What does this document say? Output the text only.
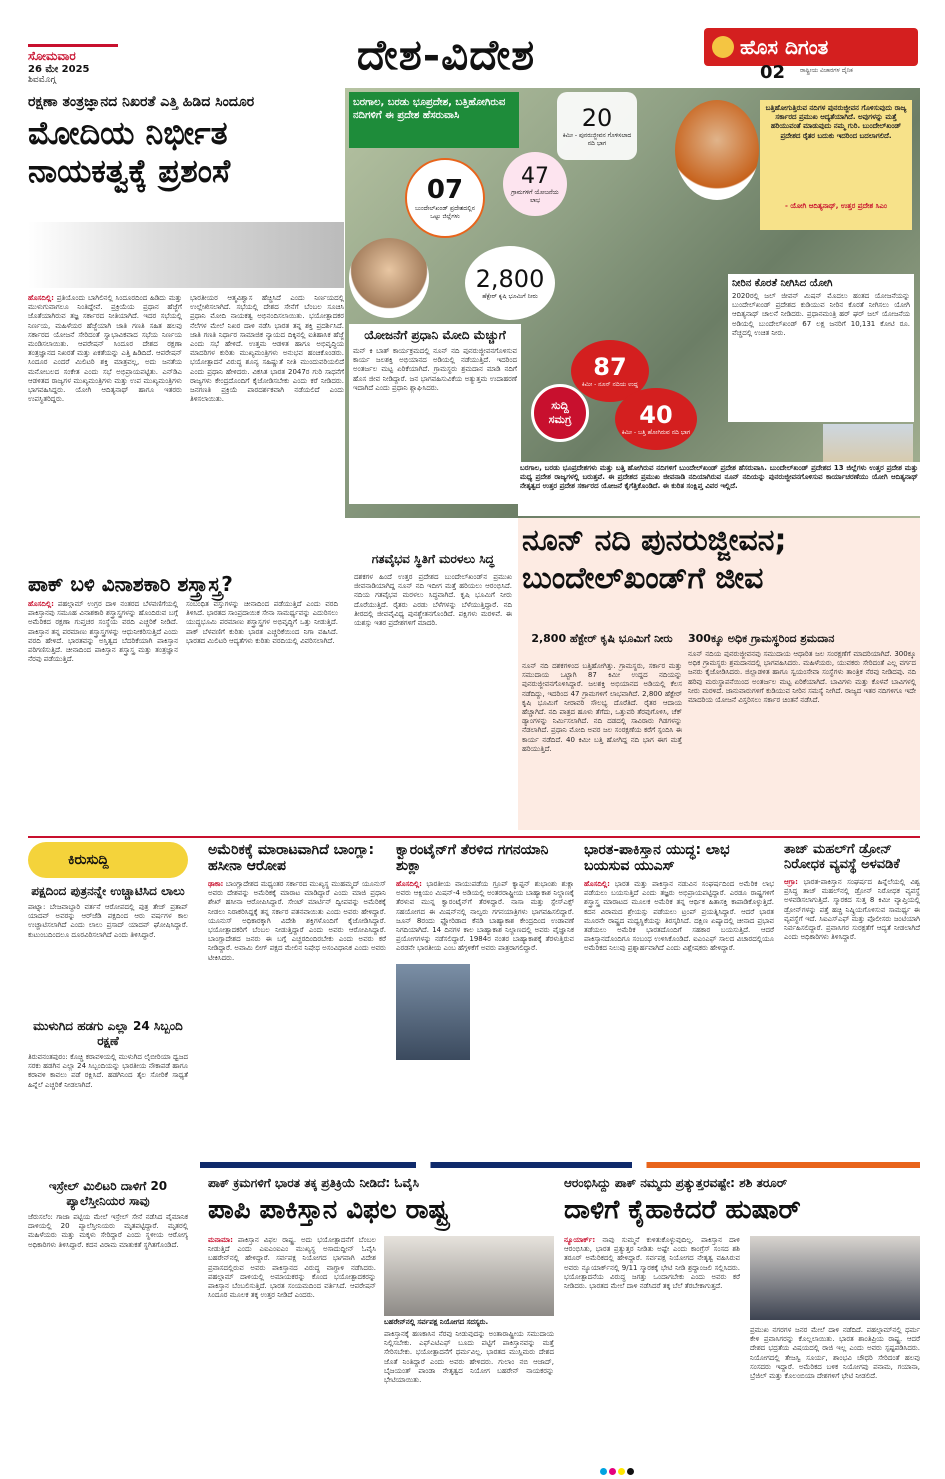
ಸೋಮವಾರ
26 ಮೇ 2025
ಶಿವಮೊಗ್ಗ
ದೇಶ-ವಿದೇಶ	ಹೊಸ ದಿಗಂತ
ರಾಷ್ಟ್ರೀಯ ವಿಚಾರಗಳ ದೈನಿಕ
02
ರಕ್ಷಣಾ ತಂತ್ರಜ್ಞಾನದ ನಿಖರತೆ ಎತ್ತಿ ಹಿಡಿದ ಸಿಂದೂರ
ಮೋದಿಯ ನಿರ್ಭೀತ
ನಾಯಕತ್ವಕ್ಕೆ ಪ್ರಶಂಸೆ
ಹೊಸದಿಲ್ಲಿ: ಪ್ರತಿಯೊಂದು ಬಾಗಿಲಿನಲ್ಲಿ ಸಿಂದೂರದಿಂದ ಹಿಡಿದು ಮತ್ತು ಮುಳುಗುವಾಗಲೂ ನಿಂತಿದ್ದೇವೆ. ಪ್ರಕ್ರಿಯೆಯ ಪ್ರಧಾನ ಹೆಜ್ಜೆಗೆ ಜೊತೆಯಾಗಿರುವ ತಜ್ಞ ಸರ್ಕಾರದ ನೀತಿಯಾಗಿದೆ. ಇದರ ಸಭೆಯಲ್ಲಿ ನಿರ್ಣಯ, ಮಹಿಳೆಯರ ಹೆಜ್ಜೆಯಾಗಿ ಜಾತಿ ಗಣತಿ ಸಹಿತ ಹಲವು ಸರ್ಕಾರದ ಯೋಜನೆ ಸೇರಿದಂತೆ ಸ್ವಾಭಾವಿಕವಾದ ಸಭೆಯ ನಿರ್ಣಯ ಮಂಡಿಸಲಾಯಿತು. ಆಪರೇಷನ್ ಸಿಂದೂರ ದೇಶದ ರಕ್ಷಣಾ ತಂತ್ರಜ್ಞಾನದ ನಿಖರತೆ ಮತ್ತು ಏಕತೆಯನ್ನು ಎತ್ತಿ ಹಿಡಿದಿದೆ. ಆಪರೇಷನ್ ಸಿಂದೂರ ಎಂದರೆ ಮಿಲಿಟರಿ ಶಕ್ತಿ ಮಾತ್ರವಲ್ಲ, ಅದು ಜನತೆಯ ಮನೋಬಲದ ಸಂಕೇತ ಎಂದು ಸಭೆ ಅಭಿಪ್ರಾಯಪಟ್ಟಿತು. ಎನ್‌ಡಿಎ ಆಡಳಿತದ ರಾಜ್ಯಗಳ ಮುಖ್ಯಮಂತ್ರಿಗಳು ಮತ್ತು ಉಪ ಮುಖ್ಯಮಂತ್ರಿಗಳು ಭಾಗವಹಿಸಿದ್ದರು. ಯೋಗಿ ಆದಿತ್ಯನಾಥ್ ಹಾಗೂ ಇತರರು ಉಪಸ್ಥಿತರಿದ್ದರು.
ಭಾರತೀಯರ ಆತ್ಮವಿಶ್ವಾಸ ಹೆಚ್ಚಿಸಿದೆ ಎಂದು ನಿರ್ಣಯದಲ್ಲಿ ಉಲ್ಲೇಖಿಸಲಾಗಿದೆ. ಸಭೆಯಲ್ಲಿ ದೇಶದ ಸೇನೆಗೆ ಬೆಂಬಲ ಸೂಚಿಸಿ ಪ್ರಧಾನಿ ಮೋದಿ ನಾಯಕತ್ವ ಅಭಿನಂದಿಸಲಾಯಿತು. ಭಯೋತ್ಪಾದಕರ ನೆಲೆಗಳ ಮೇಲೆ ನಿಖರ ದಾಳಿ ನಡೆಸಿ ಭಾರತ ತನ್ನ ಶಕ್ತಿ ಪ್ರದರ್ಶಿಸಿದೆ. ಜಾತಿ ಗಣತಿ ನಿರ್ಧಾರ ಸಾಮಾಜಿಕ ನ್ಯಾಯದ ದಿಕ್ಕಿನಲ್ಲಿ ಐತಿಹಾಸಿಕ ಹೆಜ್ಜೆ ಎಂದು ಸಭೆ ಹೇಳಿದೆ. ಉತ್ತಮ ಆಡಳಿತ ಹಾಗೂ ಅಭಿವೃದ್ಧಿಯ ಮಾದರಿಗಳ ಕುರಿತು ಮುಖ್ಯಮಂತ್ರಿಗಳು ಅನುಭವ ಹಂಚಿಕೊಂಡರು. ಭಯೋತ್ಪಾದನೆ ವಿರುದ್ಧ ಶೂನ್ಯ ಸಹಿಷ್ಣುತೆ ನೀತಿ ಮುಂದುವರಿಯಲಿದೆ ಎಂದು ಪ್ರಧಾನಿ ಹೇಳಿದರು. ವಿಕಸಿತ ಭಾರತ 2047ರ ಗುರಿ ಸಾಧನೆಗೆ ರಾಜ್ಯಗಳು ಕೇಂದ್ರದೊಂದಿಗೆ ಕೈಜೋಡಿಸಬೇಕು ಎಂದು ಕರೆ ನೀಡಿದರು. ಜನಗಣತಿ ಪ್ರಕ್ರಿಯೆ ಪಾರದರ್ಶಕವಾಗಿ ನಡೆಯಲಿದೆ ಎಂದು ತಿಳಿಸಲಾಯಿತು.
ಬರಗಾಲ, ಬರಡು ಭೂಪ್ರದೇಶ, ಬತ್ತಿಹೋಗಿರುವ ನದಿಗಳಿಗೆ ಈ ಪ್ರದೇಶ ಹೆಸರುವಾಸಿ
07
ಬುಂದೇಲ್‌ಖಂಡ್ ಪ್ರದೇಶದಲ್ಲಿನ ಒಟ್ಟು ಜಿಲ್ಲೆಗಳು
20
ಕಿಮೀ - ಪುನರುಜ್ಜೀವನ ಗೊಳಿಸಲಾದ ನದಿ ಭಾಗ
47
ಗ್ರಾಮಗಳಿಗೆ ಯೋಜನೆಯ ಲಾಭ
2,800
ಹೆಕ್ಟೇರ್ ಕೃಷಿ ಭೂಮಿಗೆ ನೀರು
ಯೋಜನೆಗೆ ಪ್ರಧಾನಿ ಮೋದಿ ಮೆಚ್ಚುಗೆ
ಮನ್ ಕಿ ಬಾತ್ ಕಾರ್ಯಕ್ರಮದಲ್ಲಿ ನೂನ್ ನದಿ ಪುನರುಜ್ಜೀವನಗೊಳಿಸುವ ಕಾರ್ಯ ಜಲಶಕ್ತಿ ಅಭಿಯಾನದ ಅಡಿಯಲ್ಲಿ ನಡೆಯುತ್ತಿದೆ. ಇದರಿಂದ ಅಂತರ್ಜಲ ಮಟ್ಟ ಏರಿಕೆಯಾಗಿದೆ. ಗ್ರಾಮಸ್ಥರು ಶ್ರಮದಾನ ಮಾಡಿ ನದಿಗೆ ಹೊಸ ಜೀವ ನೀಡಿದ್ದಾರೆ. ಜನ ಭಾಗವಹಿಸುವಿಕೆಯ ಅತ್ಯುತ್ತಮ ಉದಾಹರಣೆ ಇದಾಗಿದೆ ಎಂದು ಪ್ರಧಾನಿ ಶ್ಲಾಘಿಸಿದರು.
87
ಕಿಮೀ - ನೂನ್ ನದಿಯ ಉದ್ದ
40
ಕಿಮೀ - ಬತ್ತಿ ಹೋಗಿರುವ ನದಿ ಭಾಗ
ಸುದ್ದಿ
ಸಮಗ್ರ
ಬತ್ತಿಹೋಗುತ್ತಿರುವ ನದಿಗಳ ಪುನರುಜ್ಜೀವನ ಗೊಳಿಸುವುದು ರಾಜ್ಯ ಸರ್ಕಾರದ ಪ್ರಮುಖ ಆದ್ಯತೆಯಾಗಿದೆ. ಅವುಗಳನ್ನು ಮತ್ತೆ ಹರಿಯುವಂತೆ ಮಾಡುವುದು ನಮ್ಮ ಗುರಿ. ಬುಂದೇಲ್‌ಖಂಡ್ ಪ್ರದೇಶದ ರೈತರ ಬದುಕು ಇದರಿಂದ ಬದಲಾಗಲಿದೆ.
- ಯೋಗಿ ಆದಿತ್ಯನಾಥ್, ಉತ್ತರ ಪ್ರದೇಶ ಸಿಎಂ
ನೀರಿನ ಕೊರತೆ ನೀಗಿಸಿದ ಯೋಗಿ
2020ರಲ್ಲಿ ಜಲ್ ಜೀವನ್ ಮಿಷನ್ ಮೊದಲು ಹಂತದ ಯೋಜನೆಯನ್ನು ಬುಂದೇಲ್‌ಖಂಡ್ ಪ್ರದೇಶದ ಕುಡಿಯುವ ನೀರಿನ ಕೊರತೆ ನೀಗಿಸಲು ಯೋಗಿ ಆದಿತ್ಯನಾಥ್ ಚಾಲನೆ ನೀಡಿದರು. ಪ್ರಧಾನಮಂತ್ರಿ ಹರ್ ಘರ್ ಜಲ್ ಯೋಜನೆಯ ಅಡಿಯಲ್ಲಿ ಬುಂದೇಲ್‌ಖಂಡ್ 67 ಲಕ್ಷ ಜನರಿಗೆ 10,131 ಕೋಟಿ ರೂ. ವೆಚ್ಚದಲ್ಲಿ ಉಚಿತ ನೀರು.
ಬರಗಾಲ, ಬರಡು ಭೂಪ್ರದೇಶಗಳು ಮತ್ತು ಬತ್ತಿ ಹೋಗಿರುವ ನದಿಗಳಿಗೆ ಬುಂದೇಲ್‌ಖಂಡ್ ಪ್ರದೇಶ ಹೆಸರುವಾಸಿ. ಬುಂದೇಲ್‌ಖಂಡ್ ಪ್ರದೇಶದ 13 ಜಿಲ್ಲೆಗಳು ಉತ್ತರ ಪ್ರದೇಶ ಮತ್ತು ಮಧ್ಯ ಪ್ರದೇಶ ರಾಜ್ಯಗಳಲ್ಲಿ ಬರುತ್ತವೆ. ಈ ಪ್ರದೇಶದ ಪ್ರಮುಖ ಜೀವನಾಡಿ ನದಿಯಾಗಿರುವ ನೂನ್ ನದಿಯನ್ನು ಪುನರುಜ್ಜೀವನಗೊಳಿಸುವ ಕಾರ್ಯಾಚರಣೆಯು ಯೋಗಿ ಆದಿತ್ಯನಾಥ್ ನೇತೃತ್ವದ ಉತ್ತರ ಪ್ರದೇಶ ಸರ್ಕಾರದ ಯೋಜನೆ ಕೈಗೆತ್ತಿಕೊಂಡಿದೆ. ಈ ಕುರಿತ ಸಂಕ್ಷಿಪ್ತ ವಿವರ ಇಲ್ಲಿದೆ.
ನೂನ್ ನದಿ ಪುನರುಜ್ಜೀವನ;
ಬುಂದೇಲ್‌ಖಂಡ್‌ಗೆ ಜೀವ
2,800 ಹೆಕ್ಟೇರ್ ಕೃಷಿ ಭೂಮಿಗೆ ನೀರು	300ಕ್ಕೂ ಅಧಿಕ ಗ್ರಾಮಸ್ಥರಿಂದ ಶ್ರಮದಾನ
ನೂನ್ ನದಿ ದಶಕಗಳಿಂದ ಬತ್ತಿಹೋಗಿತ್ತು. ಗ್ರಾಮಸ್ಥರು, ಸರ್ಕಾರ ಮತ್ತು ಸಮುದಾಯ ಒಟ್ಟಾಗಿ 87 ಕಿಮೀ ಉದ್ದದ ನದಿಯನ್ನು ಪುನರುಜ್ಜೀವನಗೊಳಿಸಿದ್ದಾರೆ. ಜಲಶಕ್ತಿ ಅಭಿಯಾನದ ಅಡಿಯಲ್ಲಿ ಕೆಲಸ ನಡೆದಿದ್ದು, ಇದರಿಂದ 47 ಗ್ರಾಮಗಳಿಗೆ ಲಾಭವಾಗಿದೆ. 2,800 ಹೆಕ್ಟೇರ್ ಕೃಷಿ ಭೂಮಿಗೆ ನೀರಾವರಿ ಸೌಲಭ್ಯ ದೊರೆತಿದೆ. ರೈತರ ಆದಾಯ ಹೆಚ್ಚಾಗಿದೆ. ನದಿ ಪಾತ್ರದ ಹೂಳು ತೆಗೆದು, ಒತ್ತುವರಿ ತೆರವುಗೊಳಿಸಿ, ಚೆಕ್ ಡ್ಯಾಂಗಳನ್ನು ನಿರ್ಮಿಸಲಾಗಿದೆ. ನದಿ ದಡದಲ್ಲಿ ಸಾವಿರಾರು ಗಿಡಗಳನ್ನು ನೆಡಲಾಗಿದೆ. ಪ್ರಧಾನಿ ಮೋದಿ ಅವರ ಜಲ ಸಂರಕ್ಷಣೆಯ ಕರೆಗೆ ಸ್ಪಂದಿಸಿ ಈ ಕಾರ್ಯ ನಡೆದಿದೆ. 40 ಕಿಮೀ ಬತ್ತಿ ಹೋಗಿದ್ದ ನದಿ ಭಾಗ ಈಗ ಮತ್ತೆ ಹರಿಯುತ್ತಿದೆ.
ನೂನ್ ನದಿಯ ಪುನರುಜ್ಜೀವನವು ಸಮುದಾಯ ಆಧಾರಿತ ಜಲ ಸಂರಕ್ಷಣೆಗೆ ಮಾದರಿಯಾಗಿದೆ. 300ಕ್ಕೂ ಅಧಿಕ ಗ್ರಾಮಸ್ಥರು ಶ್ರಮದಾನದಲ್ಲಿ ಭಾಗವಹಿಸಿದರು. ಮಹಿಳೆಯರು, ಯುವಕರು ಸೇರಿದಂತೆ ಎಲ್ಲ ವರ್ಗದ ಜನರು ಕೈಜೋಡಿಸಿದರು. ಜಿಲ್ಲಾಡಳಿತ ಹಾಗೂ ಸ್ವಯಂಸೇವಾ ಸಂಸ್ಥೆಗಳು ತಾಂತ್ರಿಕ ನೆರವು ನೀಡಿದವು. ನದಿ ಹರಿವು ಮರುಸ್ಥಾಪನೆಯಿಂದ ಅಂತರ್ಜಲ ಮಟ್ಟ ಏರಿಕೆಯಾಗಿದೆ. ಬಾವಿಗಳು ಮತ್ತು ಕೊಳವೆ ಬಾವಿಗಳಲ್ಲಿ ನೀರು ಮರಳಿದೆ. ಜಾನುವಾರುಗಳಿಗೆ ಕುಡಿಯುವ ನೀರಿನ ಸಮಸ್ಯೆ ನೀಗಿದೆ. ರಾಜ್ಯದ ಇತರ ನದಿಗಳಿಗೂ ಇದೇ ಮಾದರಿಯ ಯೋಜನೆ ವಿಸ್ತರಿಸಲು ಸರ್ಕಾರ ಚಿಂತನೆ ನಡೆಸಿದೆ.
ಪಾಕ್ ಬಳಿ ವಿನಾಶಕಾರಿ ಶಸ್ತ್ರಾಸ್ತ್ರ?
ಹೊಸದಿಲ್ಲಿ: ಪಹಲ್ಗಾಮ್ ಉಗ್ರರ ದಾಳಿ ನಂತರದ ಬೆಳವಣಿಗೆಯಲ್ಲಿ ಪಾಕಿಸ್ತಾನವು ಸಮೂಹ ವಿನಾಶಕಾರಿ ಶಸ್ತ್ರಾಸ್ತ್ರಗಳನ್ನು ಹೊಂದಿರುವ ಬಗ್ಗೆ ಅಮೆರಿಕದ ರಕ್ಷಣಾ ಗುಪ್ತಚರ ಸಂಸ್ಥೆಯ ವರದಿ ಎಚ್ಚರಿಕೆ ನೀಡಿದೆ. ಪಾಕಿಸ್ತಾನ ತನ್ನ ಪರಮಾಣು ಶಸ್ತ್ರಾಸ್ತ್ರಗಳನ್ನು ಆಧುನೀಕರಿಸುತ್ತಿದೆ ಎಂದು ವರದಿ ಹೇಳಿದೆ. ಭಾರತವನ್ನು ಅಸ್ತಿತ್ವದ ಬೆದರಿಕೆಯಾಗಿ ಪಾಕಿಸ್ತಾನ ಪರಿಗಣಿಸುತ್ತಿದೆ. ಚೀನಾದಿಂದ ಪಾಕಿಸ್ತಾನ ಶಸ್ತ್ರಾಸ್ತ್ರ ಮತ್ತು ತಂತ್ರಜ್ಞಾನ ನೆರವು ಪಡೆಯುತ್ತಿದೆ.
ಸಂಬಂಧಿತ ವಸ್ತುಗಳನ್ನು ಚೀನಾದಿಂದ ಪಡೆಯುತ್ತಿದೆ ಎಂದು ವರದಿ ತಿಳಿಸಿದೆ. ಭಾರತದ ಸಾಂಪ್ರದಾಯಿಕ ಸೇನಾ ಸಾಮರ್ಥ್ಯವನ್ನು ಎದುರಿಸಲು ಯುದ್ಧಭೂಮಿ ಪರಮಾಣು ಶಸ್ತ್ರಾಸ್ತ್ರಗಳ ಅಭಿವೃದ್ಧಿಗೆ ಒತ್ತು ನೀಡುತ್ತಿದೆ. ಪಾಕ್ ಬೆಳವಣಿಗೆ ಕುರಿತು ಭಾರತ ಎಚ್ಚರಿಕೆಯಿಂದ ನಿಗಾ ವಹಿಸಿದೆ. ಭಾರತದ ಮಿಲಿಟರಿ ಆದ್ಯತೆಗಳು ಕುರಿತು ವರದಿಯಲ್ಲಿ ವಿವರಿಸಲಾಗಿದೆ.
ಗತವೈಭವ ಸ್ಥಿತಿಗೆ ಮರಳಲು ಸಿದ್ಧ
ದಶಕಗಳ ಹಿಂದೆ ಉತ್ತರ ಪ್ರದೇಶದ ಬುಂದೇಲ್‌ಖಂಡ್‌ನ ಪ್ರಮುಖ ಜೀವನಾಡಿಯಾಗಿದ್ದ ನೂನ್ ನದಿ ಇದೀಗ ಮತ್ತೆ ಹರಿಯಲು ಆರಂಭಿಸಿದೆ. ನದಿಯ ಗತವೈಭವ ಮರಳಲು ಸಿದ್ಧವಾಗಿದೆ. ಕೃಷಿ ಭೂಮಿಗೆ ನೀರು ದೊರೆಯುತ್ತಿದೆ. ರೈತರು ಎರಡು ಬೆಳೆಗಳನ್ನು ಬೆಳೆಯುತ್ತಿದ್ದಾರೆ. ನದಿ ತೀರದಲ್ಲಿ ಜೀವವೈವಿಧ್ಯ ಪುನಶ್ಚೇತನಗೊಂಡಿದೆ. ಪಕ್ಷಿಗಳು ಮರಳಿವೆ. ಈ ಯಶಸ್ಸು ಇತರ ಪ್ರದೇಶಗಳಿಗೆ ಮಾದರಿ.
ಕಿರುಸುದ್ದಿ
ಪಕ್ಷದಿಂದ ಪುತ್ರನನ್ನೇ ಉಚ್ಚಾಟಿಸಿದ ಲಾಲು
ಪಾಟ್ನಾ: ಬೇಜವಾಬ್ದಾರಿ ವರ್ತನೆ ಆರೋಪದಲ್ಲಿ ಪುತ್ರ ತೇಜ್ ಪ್ರತಾಪ್ ಯಾದವ್ ಅವರನ್ನು ಆರ್‌ಜೆಡಿ ಪಕ್ಷದಿಂದ ಆರು ವರ್ಷಗಳ ಕಾಲ ಉಚ್ಚಾಟಿಸಲಾಗಿದೆ ಎಂದು ಲಾಲು ಪ್ರಸಾದ್ ಯಾದವ್ ಘೋಷಿಸಿದ್ದಾರೆ. ಕುಟುಂಬದಿಂದಲೂ ದೂರವಿರಿಸಲಾಗಿದೆ ಎಂದು ತಿಳಿಸಿದ್ದಾರೆ.
ಮುಳುಗಿದ ಹಡಗು ಎಲ್ಲಾ 24 ಸಿಬ್ಬಂದಿ ರಕ್ಷಣೆ
ತಿರುವನಂತಪುರಂ: ಕೊಚ್ಚಿ ಕರಾವಳಿಯಲ್ಲಿ ಮುಳುಗಿದ ಲೈಬೀರಿಯಾ ಧ್ವಜದ ಸರಕು ಹಡಗಿನ ಎಲ್ಲಾ 24 ಸಿಬ್ಬಂದಿಯನ್ನು ಭಾರತೀಯ ನೌಕಾಪಡೆ ಹಾಗೂ ಕರಾವಳಿ ಕಾವಲು ಪಡೆ ರಕ್ಷಿಸಿದೆ. ಹಡಗಿನಿಂದ ತೈಲ ಸೋರಿಕೆ ಸಾಧ್ಯತೆ ಹಿನ್ನೆಲೆ ಎಚ್ಚರಿಕೆ ನೀಡಲಾಗಿದೆ.
ಇಸ್ರೇಲ್ ಮಿಲಿಟರಿ ದಾಳಿಗೆ 20 ಪ್ಯಾಲೆಸ್ತೀನಿಯರ ಸಾವು
ಜೆರುಸಲೆಂ: ಗಾಜಾ ಪಟ್ಟಿಯ ಮೇಲೆ ಇಸ್ರೇಲ್ ಸೇನೆ ನಡೆಸಿದ ವೈಮಾನಿಕ ದಾಳಿಯಲ್ಲಿ 20 ಪ್ಯಾಲೆಸ್ತೀನಿಯರು ಮೃತಪಟ್ಟಿದ್ದಾರೆ. ಮೃತರಲ್ಲಿ ಮಹಿಳೆಯರು ಮತ್ತು ಮಕ್ಕಳು ಸೇರಿದ್ದಾರೆ ಎಂದು ಸ್ಥಳೀಯ ಆರೋಗ್ಯ ಅಧಿಕಾರಿಗಳು ತಿಳಿಸಿದ್ದಾರೆ. ಕದನ ವಿರಾಮ ಮಾತುಕತೆ ಸ್ಥಗಿತಗೊಂಡಿದೆ.
ಅಮೆರಿಕಕ್ಕೆ ಮಾರಾಟವಾಗಿದೆ ಬಾಂಗ್ಲಾ: ಹಸೀನಾ ಆರೋಪ
ಢಾಕಾ: ಬಾಂಗ್ಲಾದೇಶದ ಮಧ್ಯಂತರ ಸರ್ಕಾರದ ಮುಖ್ಯಸ್ಥ ಮುಹಮ್ಮದ್ ಯೂನುಸ್ ಅವರು ದೇಶವನ್ನು ಅಮೆರಿಕಕ್ಕೆ ಮಾರಾಟ ಮಾಡಿದ್ದಾರೆ ಎಂದು ಮಾಜಿ ಪ್ರಧಾನಿ ಶೇಖ್ ಹಸೀನಾ ಆರೋಪಿಸಿದ್ದಾರೆ. ಸೇಂಟ್ ಮಾರ್ಟಿನ್ ದ್ವೀಪವನ್ನು ಅಮೆರಿಕಕ್ಕೆ ನೀಡಲು ನಿರಾಕರಿಸಿದ್ದಕ್ಕೆ ತನ್ನ ಸರ್ಕಾರ ಪತನವಾಯಿತು ಎಂದು ಅವರು ಹೇಳಿದ್ದಾರೆ. ಯೂನುಸ್ ಅಧಿಕಾರಕ್ಕಾಗಿ ವಿದೇಶಿ ಶಕ್ತಿಗಳೊಂದಿಗೆ ಕೈಜೋಡಿಸಿದ್ದಾರೆ. ಭಯೋತ್ಪಾದಕರಿಗೆ ಬೆಂಬಲ ನೀಡುತ್ತಿದ್ದಾರೆ ಎಂದು ಅವರು ಆರೋಪಿಸಿದ್ದಾರೆ. ಬಾಂಗ್ಲಾದೇಶದ ಜನರು ಈ ಬಗ್ಗೆ ಎಚ್ಚರದಿಂದಿರಬೇಕು ಎಂದು ಅವರು ಕರೆ ನೀಡಿದ್ದಾರೆ. ಅವಾಮಿ ಲೀಗ್ ಪಕ್ಷದ ಮೇಲಿನ ನಿಷೇಧ ಅಸಂವಿಧಾನಿಕ ಎಂದು ಅವರು ಟೀಕಿಸಿದರು.
ಕ್ವಾರಂಟೈನ್‌ಗೆ ತೆರಳಿದ ಗಗನಯಾನಿ ಶುಕ್ಲಾ
ಹೊಸದಿಲ್ಲಿ: ಭಾರತೀಯ ವಾಯುಪಡೆಯ ಗ್ರೂಪ್ ಕ್ಯಾಪ್ಟನ್ ಶುಭಾಂಶು ಶುಕ್ಲಾ ಅವರು ಆಕ್ಸಿಯಂ ಮಿಷನ್-4 ಅಡಿಯಲ್ಲಿ ಅಂತರರಾಷ್ಟ್ರೀಯ ಬಾಹ್ಯಾಕಾಶ ನಿಲ್ದಾಣಕ್ಕೆ ತೆರಳುವ ಮುನ್ನ ಕ್ವಾರಂಟೈನ್‌ಗೆ ತೆರಳಿದ್ದಾರೆ. ನಾಸಾ ಮತ್ತು ಸ್ಪೇಸ್‌ಎಕ್ಸ್ ಸಹಯೋಗದ ಈ ಮಿಷನ್‌ನಲ್ಲಿ ನಾಲ್ವರು ಗಗನಯಾತ್ರಿಗಳು ಭಾಗವಹಿಸಲಿದ್ದಾರೆ. ಜೂನ್ 8ರಂದು ಫ್ಲೋರಿಡಾದ ಕೆನಡಿ ಬಾಹ್ಯಾಕಾಶ ಕೇಂದ್ರದಿಂದ ಉಡಾವಣೆ ನಿಗದಿಯಾಗಿದೆ. 14 ದಿನಗಳ ಕಾಲ ಬಾಹ್ಯಾಕಾಶ ನಿಲ್ದಾಣದಲ್ಲಿ ಅವರು ವೈಜ್ಞಾನಿಕ ಪ್ರಯೋಗಗಳನ್ನು ನಡೆಸಲಿದ್ದಾರೆ. 1984ರ ನಂತರ ಬಾಹ್ಯಾಕಾಶಕ್ಕೆ ತೆರಳುತ್ತಿರುವ ಎರಡನೇ ಭಾರತೀಯ ಎಂಬ ಹೆಗ್ಗಳಿಕೆಗೆ ಅವರು ಪಾತ್ರರಾಗಲಿದ್ದಾರೆ.
ಭಾರತ-ಪಾಕಿಸ್ತಾನ ಯುದ್ಧ: ಲಾಭ ಬಯಸುವ ಯುಎಸ್
ಹೊಸದಿಲ್ಲಿ: ಭಾರತ ಮತ್ತು ಪಾಕಿಸ್ತಾನ ನಡುವಿನ ಸಂಘರ್ಷದಿಂದ ಅಮೆರಿಕ ಲಾಭ ಪಡೆಯಲು ಬಯಸುತ್ತಿದೆ ಎಂದು ತಜ್ಞರು ಅಭಿಪ್ರಾಯಪಟ್ಟಿದ್ದಾರೆ. ಎರಡೂ ರಾಷ್ಟ್ರಗಳಿಗೆ ಶಸ್ತ್ರಾಸ್ತ್ರ ಮಾರಾಟದ ಮೂಲಕ ಅಮೆರಿಕ ತನ್ನ ಆರ್ಥಿಕ ಹಿತಾಸಕ್ತಿ ಕಾಪಾಡಿಕೊಳ್ಳುತ್ತಿದೆ. ಕದನ ವಿರಾಮದ ಶ್ರೇಯಸ್ಸು ಪಡೆಯಲು ಟ್ರಂಪ್ ಪ್ರಯತ್ನಿಸಿದ್ದಾರೆ. ಆದರೆ ಭಾರತ ಮೂರನೇ ರಾಷ್ಟ್ರದ ಮಧ್ಯಸ್ಥಿಕೆಯನ್ನು ತಿರಸ್ಕರಿಸಿದೆ. ದಕ್ಷಿಣ ಏಷ್ಯಾದಲ್ಲಿ ಚೀನಾದ ಪ್ರಭಾವ ತಡೆಯಲು ಅಮೆರಿಕ ಭಾರತದೊಂದಿಗೆ ಸಹಕಾರ ಬಯಸುತ್ತಿದೆ. ಆದರೆ ಪಾಕಿಸ್ತಾನದೊಂದಿಗೂ ಸಂಬಂಧ ಉಳಿಸಿಕೊಂಡಿದೆ. ಐಎಂಎಫ್ ಸಾಲದ ವಿಚಾರದಲ್ಲಿಯೂ ಅಮೆರಿಕದ ನಿಲುವು ಪ್ರಶ್ನಾರ್ಹವಾಗಿದೆ ಎಂದು ವಿಶ್ಲೇಷಕರು ಹೇಳಿದ್ದಾರೆ.
ತಾಜ್ ಮಹಲ್‌ಗೆ ಡ್ರೋನ್ ನಿರೋಧಕ ವ್ಯವಸ್ಥೆ ಅಳವಡಿಕೆ
ಆಗ್ರಾ: ಭಾರತ-ಪಾಕಿಸ್ತಾನ ಸಂಘರ್ಷದ ಹಿನ್ನೆಲೆಯಲ್ಲಿ ವಿಶ್ವ ಪ್ರಸಿದ್ಧ ತಾಜ್ ಮಹಲ್‌ನಲ್ಲಿ ಡ್ರೋನ್ ನಿರೋಧಕ ವ್ಯವಸ್ಥೆ ಅಳವಡಿಸಲಾಗುತ್ತಿದೆ. ಸ್ಮಾರಕದ ಸುತ್ತ 8 ಕಿಮೀ ವ್ಯಾಪ್ತಿಯಲ್ಲಿ ಡ್ರೋನ್‌ಗಳನ್ನು ಪತ್ತೆ ಹಚ್ಚಿ ನಿಷ್ಕ್ರಿಯಗೊಳಿಸುವ ಸಾಮರ್ಥ್ಯ ಈ ವ್ಯವಸ್ಥೆಗೆ ಇದೆ. ಸಿಐಎಸ್‌ಎಫ್ ಮತ್ತು ಪೊಲೀಸರು ಜಂಟಿಯಾಗಿ ನಿರ್ವಹಿಸಲಿದ್ದಾರೆ. ಪ್ರವಾಸಿಗರ ಸುರಕ್ಷತೆಗೆ ಆದ್ಯತೆ ನೀಡಲಾಗಿದೆ ಎಂದು ಅಧಿಕಾರಿಗಳು ತಿಳಿಸಿದ್ದಾರೆ.
ಪಾಕ್ ಕ್ರಮಗಳಿಗೆ ಭಾರತ ತಕ್ಕ ಪ್ರತಿಕ್ರಿಯೆ ನೀಡಿದೆ: ಓವೈಸಿ
ಪಾಪಿ ಪಾಕಿಸ್ತಾನ ವಿಫಲ ರಾಷ್ಟ್ರ
ಮನಾಮಾ: ಪಾಕಿಸ್ತಾನ ವಿಫಲ ರಾಷ್ಟ್ರ. ಅದು ಭಯೋತ್ಪಾದನೆಗೆ ಬೆಂಬಲ ನೀಡುತ್ತಿದೆ ಎಂದು ಎಐಎಂಐಎಂ ಮುಖ್ಯಸ್ಥ ಅಸಾದುದ್ದೀನ್ ಓವೈಸಿ ಬಹರೇನ್‌ನಲ್ಲಿ ಹೇಳಿದ್ದಾರೆ. ಸರ್ವಪಕ್ಷ ನಿಯೋಗದ ಭಾಗವಾಗಿ ವಿದೇಶ ಪ್ರವಾಸದಲ್ಲಿರುವ ಅವರು ಪಾಕಿಸ್ತಾನದ ವಿರುದ್ಧ ವಾಗ್ದಾಳಿ ನಡೆಸಿದರು. ಪಹಲ್ಗಾಮ್ ದಾಳಿಯಲ್ಲಿ ಅಮಾಯಕರನ್ನು ಕೊಂದ ಭಯೋತ್ಪಾದಕರನ್ನು ಪಾಕಿಸ್ತಾನ ಬೆಂಬಲಿಸುತ್ತಿದೆ. ಭಾರತ ಸಂಯಮದಿಂದ ವರ್ತಿಸಿದೆ. ಆಪರೇಷನ್ ಸಿಂದೂರ ಮೂಲಕ ತಕ್ಕ ಉತ್ತರ ನೀಡಿದೆ ಎಂದರು.
ಬಹರೇನ್‌ನಲ್ಲಿ ಸರ್ವಪಕ್ಷ ನಿಯೋಗದ ಸದಸ್ಯರು.
ಪಾಕಿಸ್ತಾನಕ್ಕೆ ಹಣಕಾಸಿನ ನೆರವು ನೀಡುವುದನ್ನು ಅಂತಾರಾಷ್ಟ್ರೀಯ ಸಮುದಾಯ ನಿಲ್ಲಿಸಬೇಕು. ಎಫ್‌ಎಟಿಎಫ್ ಬೂದು ಪಟ್ಟಿಗೆ ಪಾಕಿಸ್ತಾನವನ್ನು ಮತ್ತೆ ಸೇರಿಸಬೇಕು. ಭಯೋತ್ಪಾದನೆಗೆ ಧರ್ಮವಿಲ್ಲ. ಭಾರತದ ಮುಸ್ಲಿಮರು ದೇಶದ ಜೊತೆ ನಿಂತಿದ್ದಾರೆ ಎಂದು ಅವರು ಹೇಳಿದರು. ಗುಲಾಂ ನಬಿ ಆಜಾದ್, ಬೈಜಯಂತ್ ಪಾಂಡಾ ನೇತೃತ್ವದ ನಿಯೋಗ ಬಹರೇನ್ ನಾಯಕರನ್ನು ಭೇಟಿಯಾಯಿತು.
ಆರಂಭಿಸಿದ್ದು ಪಾಕ್ ನಮ್ಮದು ಪ್ರತ್ಯುತ್ತರವಷ್ಟೇ: ಶಶಿ ತರೂರ್
ದಾಳಿಗೆ ಕೈಹಾಕಿದರೆ ಹುಷಾರ್
ನ್ಯೂಯಾರ್ಕ್: ನಾವು ಸುಮ್ಮನೆ ಕುಳಿತುಕೊಳ್ಳುವುದಿಲ್ಲ. ಪಾಕಿಸ್ತಾನ ದಾಳಿ ಆರಂಭಿಸಿತು, ಭಾರತ ಪ್ರತ್ಯುತ್ತರ ನೀಡಿತು ಅಷ್ಟೇ ಎಂದು ಕಾಂಗ್ರೆಸ್ ಸಂಸದ ಶಶಿ ತರೂರ್ ಅಮೆರಿಕದಲ್ಲಿ ಹೇಳಿದ್ದಾರೆ. ಸರ್ವಪಕ್ಷ ನಿಯೋಗದ ನೇತೃತ್ವ ವಹಿಸಿರುವ ಅವರು ನ್ಯೂಯಾರ್ಕ್‌ನಲ್ಲಿ 9/11 ಸ್ಮಾರಕಕ್ಕೆ ಭೇಟಿ ನೀಡಿ ಶ್ರದ್ಧಾಂಜಲಿ ಸಲ್ಲಿಸಿದರು. ಭಯೋತ್ಪಾದನೆಯ ವಿರುದ್ಧ ಜಗತ್ತು ಒಂದಾಗಬೇಕು ಎಂದು ಅವರು ಕರೆ ನೀಡಿದರು. ಭಾರತದ ಮೇಲೆ ದಾಳಿ ನಡೆಸಿದರೆ ತಕ್ಕ ಬೆಲೆ ತೆರಬೇಕಾಗುತ್ತದೆ.
ಪ್ರಮುಖ ನಗರಗಳ ಜನರ ಮೇಲೆ ದಾಳಿ ನಡೆದಿದೆ. ಪಹಲ್ಗಾಮ್‌ನಲ್ಲಿ ಧರ್ಮ ಕೇಳಿ ಪ್ರವಾಸಿಗರನ್ನು ಕೊಲ್ಲಲಾಯಿತು. ಭಾರತ ಶಾಂತಿಪ್ರಿಯ ರಾಷ್ಟ್ರ. ಆದರೆ ದೇಶದ ಭದ್ರತೆಯ ವಿಷಯದಲ್ಲಿ ರಾಜಿ ಇಲ್ಲ ಎಂದು ಅವರು ಸ್ಪಷ್ಟಪಡಿಸಿದರು. ನಿಯೋಗದಲ್ಲಿ ತೇಜಸ್ವಿ ಸೂರ್ಯ, ಶಾಂಭವಿ ಚೌಧರಿ ಸೇರಿದಂತೆ ಹಲವು ಸಂಸದರು ಇದ್ದಾರೆ. ಅಮೆರಿಕದ ಬಳಿಕ ನಿಯೋಗವು ಪನಾಮ, ಗಯಾನಾ, ಬ್ರೆಜಿಲ್ ಮತ್ತು ಕೊಲಂಬಿಯಾ ದೇಶಗಳಿಗೆ ಭೇಟಿ ನೀಡಲಿದೆ.
